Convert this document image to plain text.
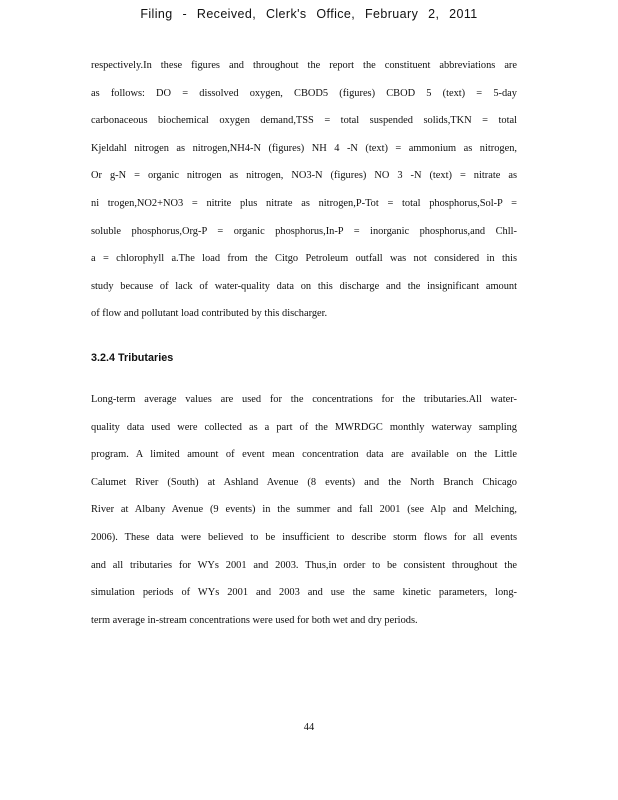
Filing - Received, Clerk's Office, February 2, 2011

respectively.In these figures and throughout the report the constituent abbreviations are
as follows: DO = dissolved oxygen, CBOD5 (figures) CBOD 5 (text) = 5-day
carbonaceous biochemical oxygen demand,TSS = total suspended solids,TKN = total
Kjeldahl nitrogen as nitrogen,NH4-N (figures) NH 4 -N (text) = ammonium as nitrogen,
Or g-N = organic nitrogen as nitrogen, NO3-N (figures) NO 3 -N (text) = nitrate as
ni trogen,NO2+NO3 = nitrite plus nitrate as nitrogen,P-Tot = total phosphorus,Sol-P =
soluble phosphorus,Org-P = organic phosphorus,In-P = inorganic phosphorus,and Chll-
a = chlorophyll a.The load from the Citgo Petroleum outfall was not considered in this
study because of lack of water-quality data on this discharge and the insignificant amount
of flow and pollutant load contributed by this discharger.

3.2.4 Tributaries

Long-term average values are used for the concentrations for the tributaries.All water-
quality data used were collected as a part of the MWRDGC monthly waterway sampling
program. A limited amount of event mean concentration data are available on the Little
Calumet River (South) at Ashland Avenue (8 events) and the North Branch Chicago
River at Albany Avenue (9 events) in the summer and fall 2001 (see Alp and Melching,
2006). These data were believed to be insufficient to describe storm flows for all events
and all tributaries for WYs 2001 and 2003. Thus,in order to be consistent throughout the
simulation periods of WYs 2001 and 2003 and use the same kinetic parameters, long-
term average in-stream concentrations were used for both wet and dry periods.

44
